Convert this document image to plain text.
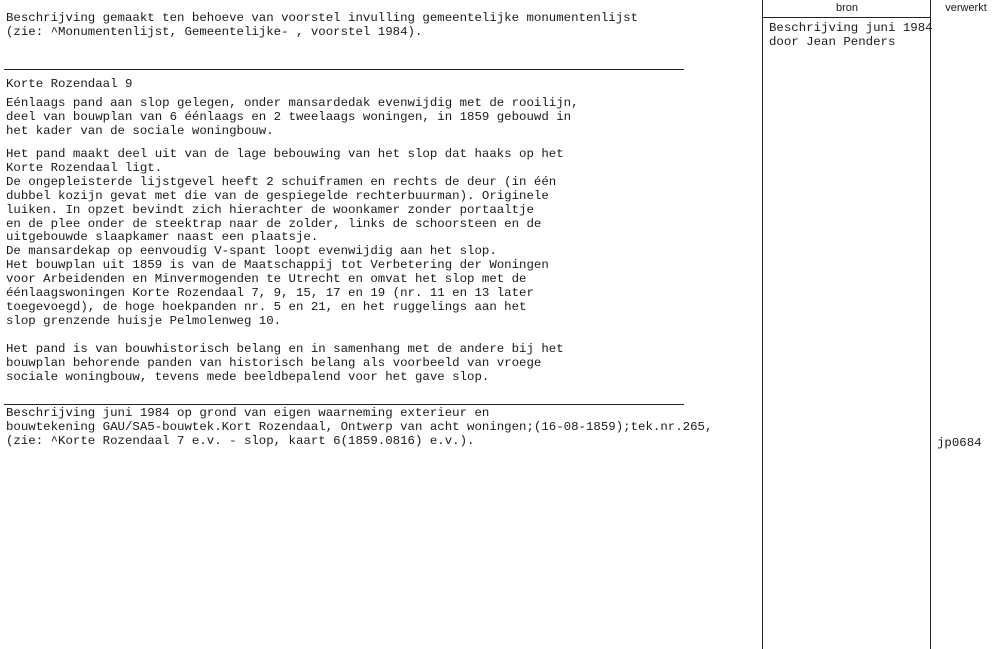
Beschrijving gemaakt ten behoeve van voorstel invulling gemeentelijke monumentenlijst
(zie: ^Monumentenlijst, Gemeentelijke- , voorstel 1984).
Korte Rozendaal 9
Eénlaags pand aan slop gelegen, onder mansardedak evenwijdig met de rooilijn,
deel van bouwplan van 6 éénlaags en 2 tweelaags woningen, in 1859 gebouwd in
het kader van de sociale woningbouw.
Het pand maakt deel uit van de lage bebouwing van het slop dat haaks op het
Korte Rozendaal ligt.
De ongepleisterde lijstgevel heeft 2 schuiframen en rechts de deur (in één
dubbel kozijn gevat met die van de gespiegelde rechterbuurman). Originele
luiken. In opzet bevindt zich hierachter de woonkamer zonder portaaltje
en de plee onder de steektrap naar de zolder, links de schoorsteen en de
uitgebouwde slaapkamer naast een plaatsje.
De mansardekap op eenvoudig V-spant loopt evenwijdig aan het slop.
Het bouwplan uit 1859 is van de Maatschappij tot Verbetering der Woningen
voor Arbeidenden en Minvermogenden te Utrecht en omvat het slop met de
éénlaagswoningen Korte Rozendaal 7, 9, 15, 17 en 19 (nr. 11 en 13 later
toegevoegd), de hoge hoekpanden nr. 5 en 21, en het ruggelings aan het
slop grenzende huisje Pelmolenweg 10.
Het pand is van bouwhistorisch belang en in samenhang met de andere bij het
bouwplan behorende panden van historisch belang als voorbeeld van vroege
sociale woningbouw, tevens mede beeldbepalend voor het gave slop.
Beschrijving juni 1984 op grond van eigen waarneming exterieur en
bouwtekening GAU/SA5-bouwtek.Kort Rozendaal, Ontwerp van acht woningen;(16-08-1859);tek.nr.265,
(zie: ^Korte Rozendaal 7 e.v. - slop, kaart 6(1859.0816) e.v.).
bron
Beschrijving juni 1984
door Jean Penders
verwerkt
jp0684
